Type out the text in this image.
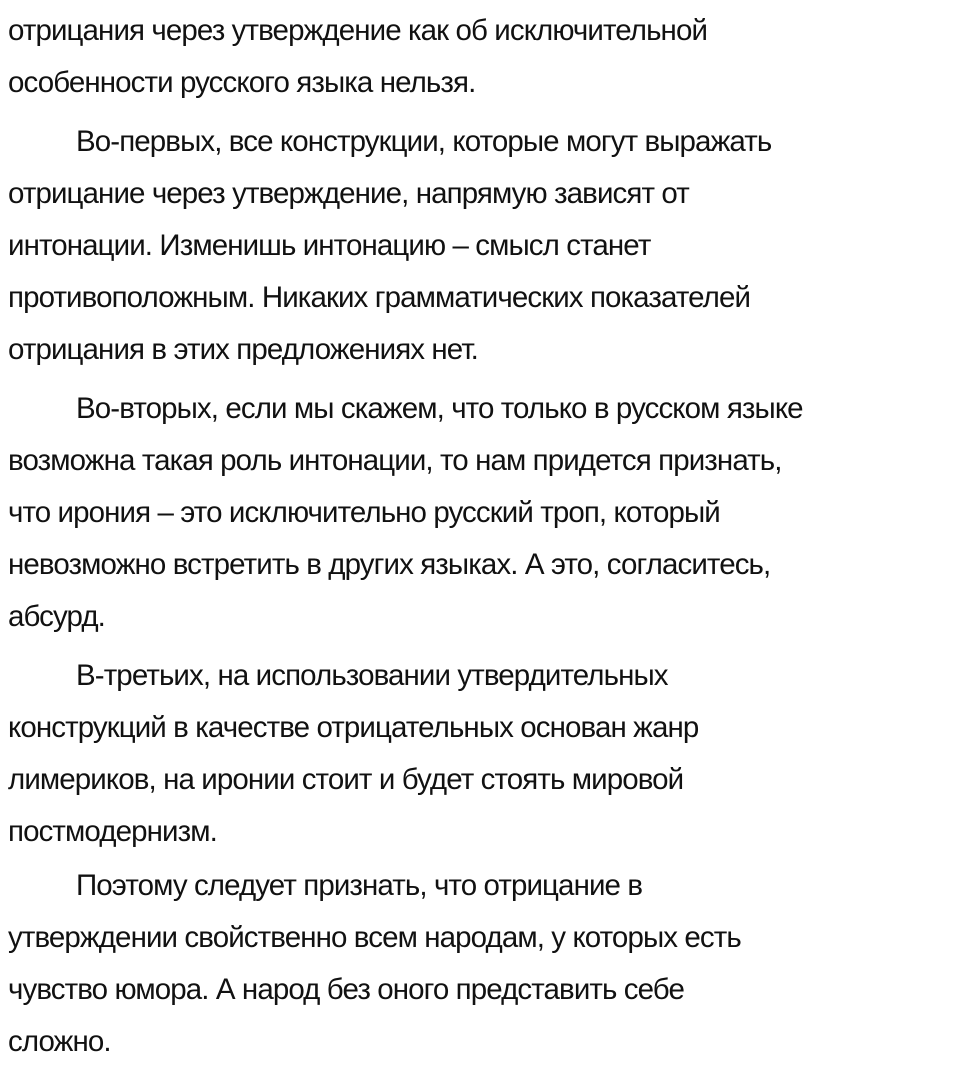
отрицания через утверждение как об исключительной
особенности русского языка нельзя.
Во-первых, все конструкции, которые могут выражать
отрицание через утверждение, напрямую зависят от
интонации. Изменишь интонацию – смысл станет
противоположным. Никаких грамматических показателей
отрицания в этих предложениях нет.
Во-вторых, если мы скажем, что только в русском языке
возможна такая роль интонации, то нам придется признать,
что ирония – это исключительно русский троп, который
невозможно встретить в других языках. А это, согласитесь,
абсурд.
В-третьих, на использовании утвердительных
конструкций в качестве отрицательных основан жанр
лимериков, на иронии стоит и будет стоять мировой
постмодернизм.
Поэтому следует признать, что отрицание в
утверждении свойственно всем народам, у которых есть
чувство юмора. А народ без оного представить себе
сложно.
